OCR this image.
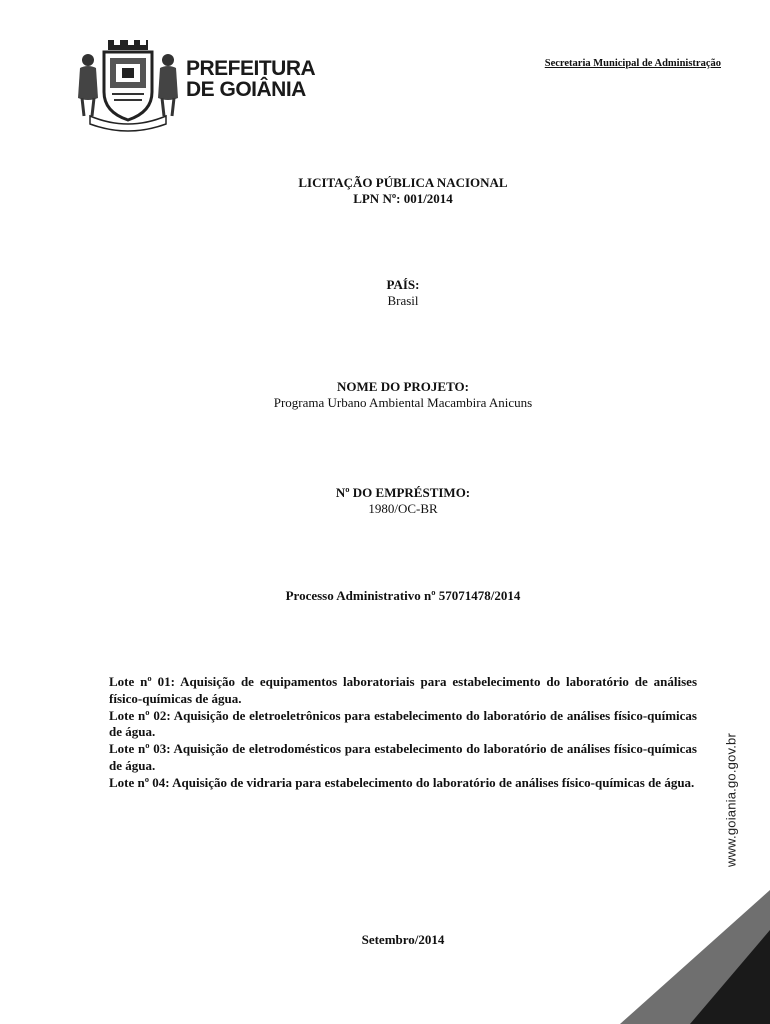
PREFEITURA
DE GOIÂNIA
Secretaria Municipal de Administração
LICITAÇÃO PÚBLICA NACIONAL
LPN Nº: 001/2014
PAÍS:
Brasil
NOME DO PROJETO:
Programa Urbano Ambiental Macambira Anicuns
Nº DO EMPRÉSTIMO:
1980/OC-BR
Processo Administrativo nº 57071478/2014

Lote nº 01: Aquisição de equipamentos laboratoriais para estabelecimento do laboratório de análises físico-químicas de água.

Lote nº 02: Aquisição de eletroeletrônicos para estabelecimento do laboratório de análises físico-químicas de água.

Lote nº 03: Aquisição de eletrodomésticos para estabelecimento do laboratório de análises físico-químicas de água.

Lote nº 04: Aquisição de vidraria para estabelecimento do laboratório de análises físico-químicas de água.

Setembro/2014
www.goiania.go.gov.br
